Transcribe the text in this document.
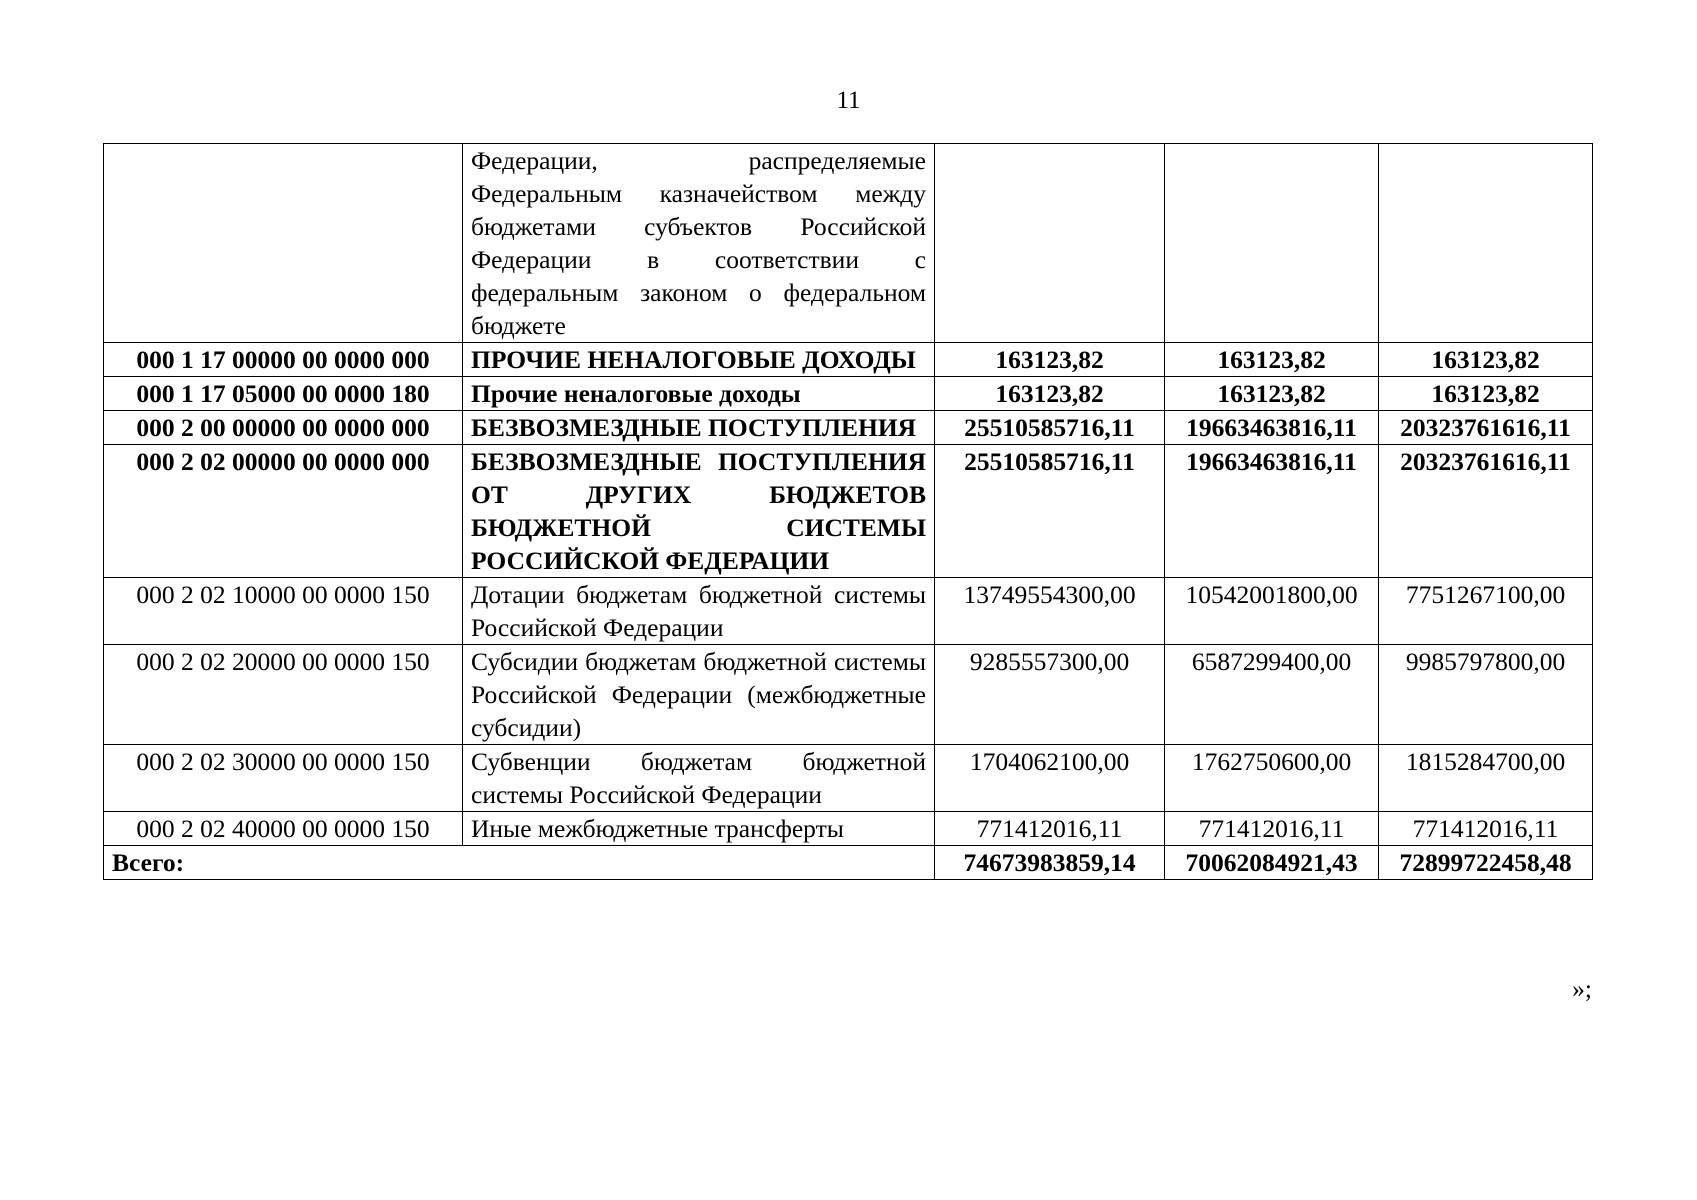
11
	Федерации, распределяемые Федеральным казначейством между бюджетами субъектов Российской Федерации в соответствии с федеральным законом о федеральном бюджете			
000 1 17 00000 00 0000 000	ПРОЧИЕ НЕНАЛОГОВЫЕ ДОХОДЫ	163123,82	163123,82	163123,82
000 1 17 05000 00 0000 180	Прочие неналоговые доходы	163123,82	163123,82	163123,82
000 2 00 00000 00 0000 000	БЕЗВОЗМЕЗДНЫЕ ПОСТУПЛЕНИЯ	25510585716,11	19663463816,11	20323761616,11
000 2 02 00000 00 0000 000	БЕЗВОЗМЕЗДНЫЕ ПОСТУПЛЕНИЯ ОТ ДРУГИХ БЮДЖЕТОВ БЮДЖЕТНОЙ СИСТЕМЫ РОССИЙСКОЙ ФЕДЕРАЦИИ	25510585716,11	19663463816,11	20323761616,11
000 2 02 10000 00 0000 150	Дотации бюджетам бюджетной системы Российской Федерации	13749554300,00	10542001800,00	7751267100,00
000 2 02 20000 00 0000 150	Субсидии бюджетам бюджетной системы Российской Федерации (межбюджетные субсидии)	9285557300,00	6587299400,00	9985797800,00
000 2 02 30000 00 0000 150	Субвенции бюджетам бюджетной системы Российской Федерации	1704062100,00	1762750600,00	1815284700,00
000 2 02 40000 00 0000 150	Иные межбюджетные трансферты	771412016,11	771412016,11	771412016,11
Всего:		74673983859,14	70062084921,43	72899722458,48
»;
